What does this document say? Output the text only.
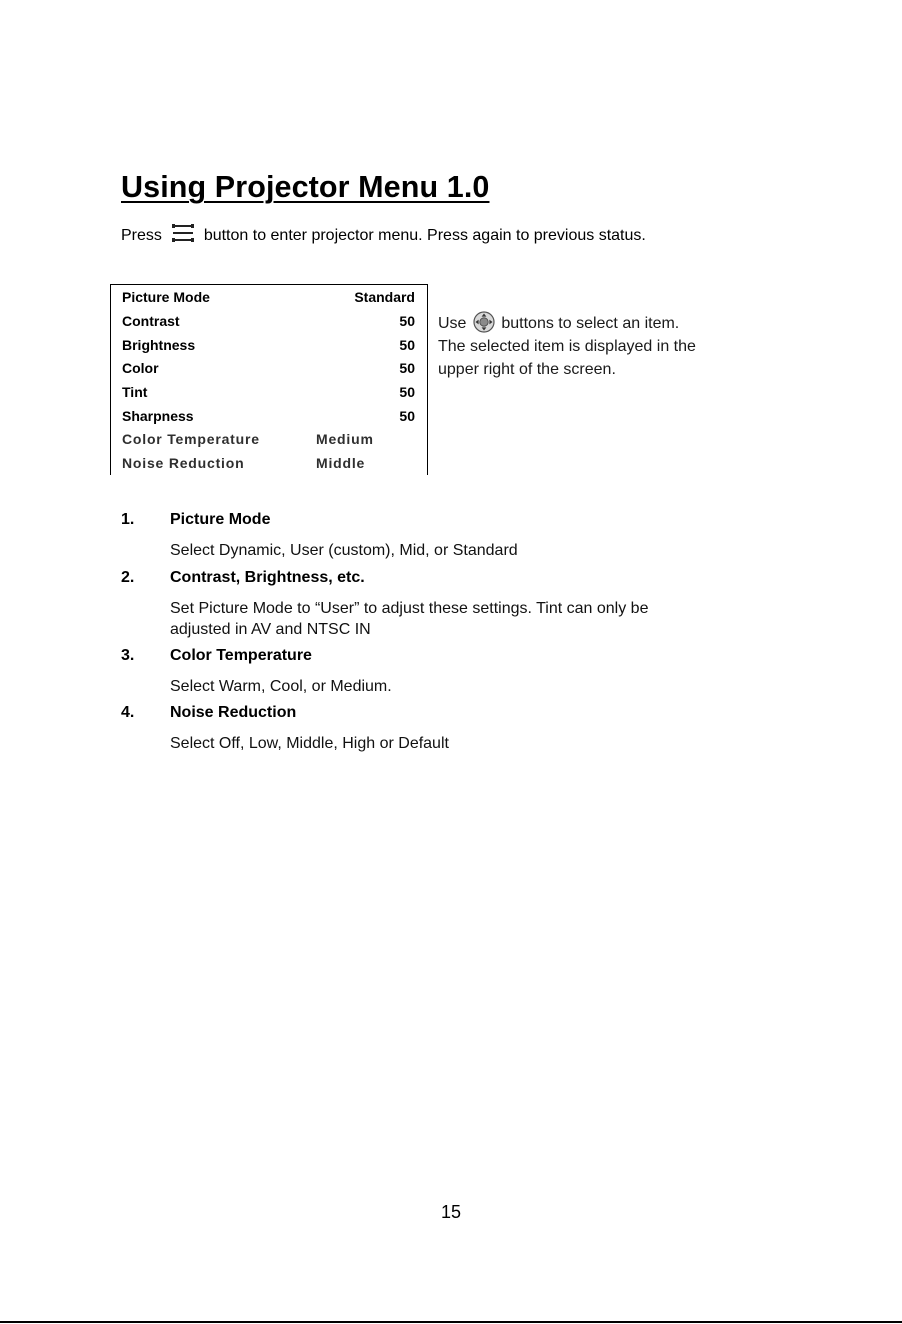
Using Projector Menu 1.0
Press	button to enter projector menu. Press again to previous status.
Picture Mode	Standard
Contrast	50
Brightness	50
Color	50
Tint	50
Sharpness	50
Color Temperature	Medium
Noise Reduction	Middle
Use buttons to select an item.
The selected item is displayed in the
upper right of the screen.
1. Picture Mode
Select Dynamic, User (custom), Mid, or Standard
2. Contrast, Brightness, etc.
Set Picture Mode to “User” to adjust these settings. Tint can only be
adjusted in AV and NTSC IN
3. Color Temperature
Select Warm, Cool, or Medium.
4. Noise Reduction
Select Off, Low, Middle, High or Default
15
